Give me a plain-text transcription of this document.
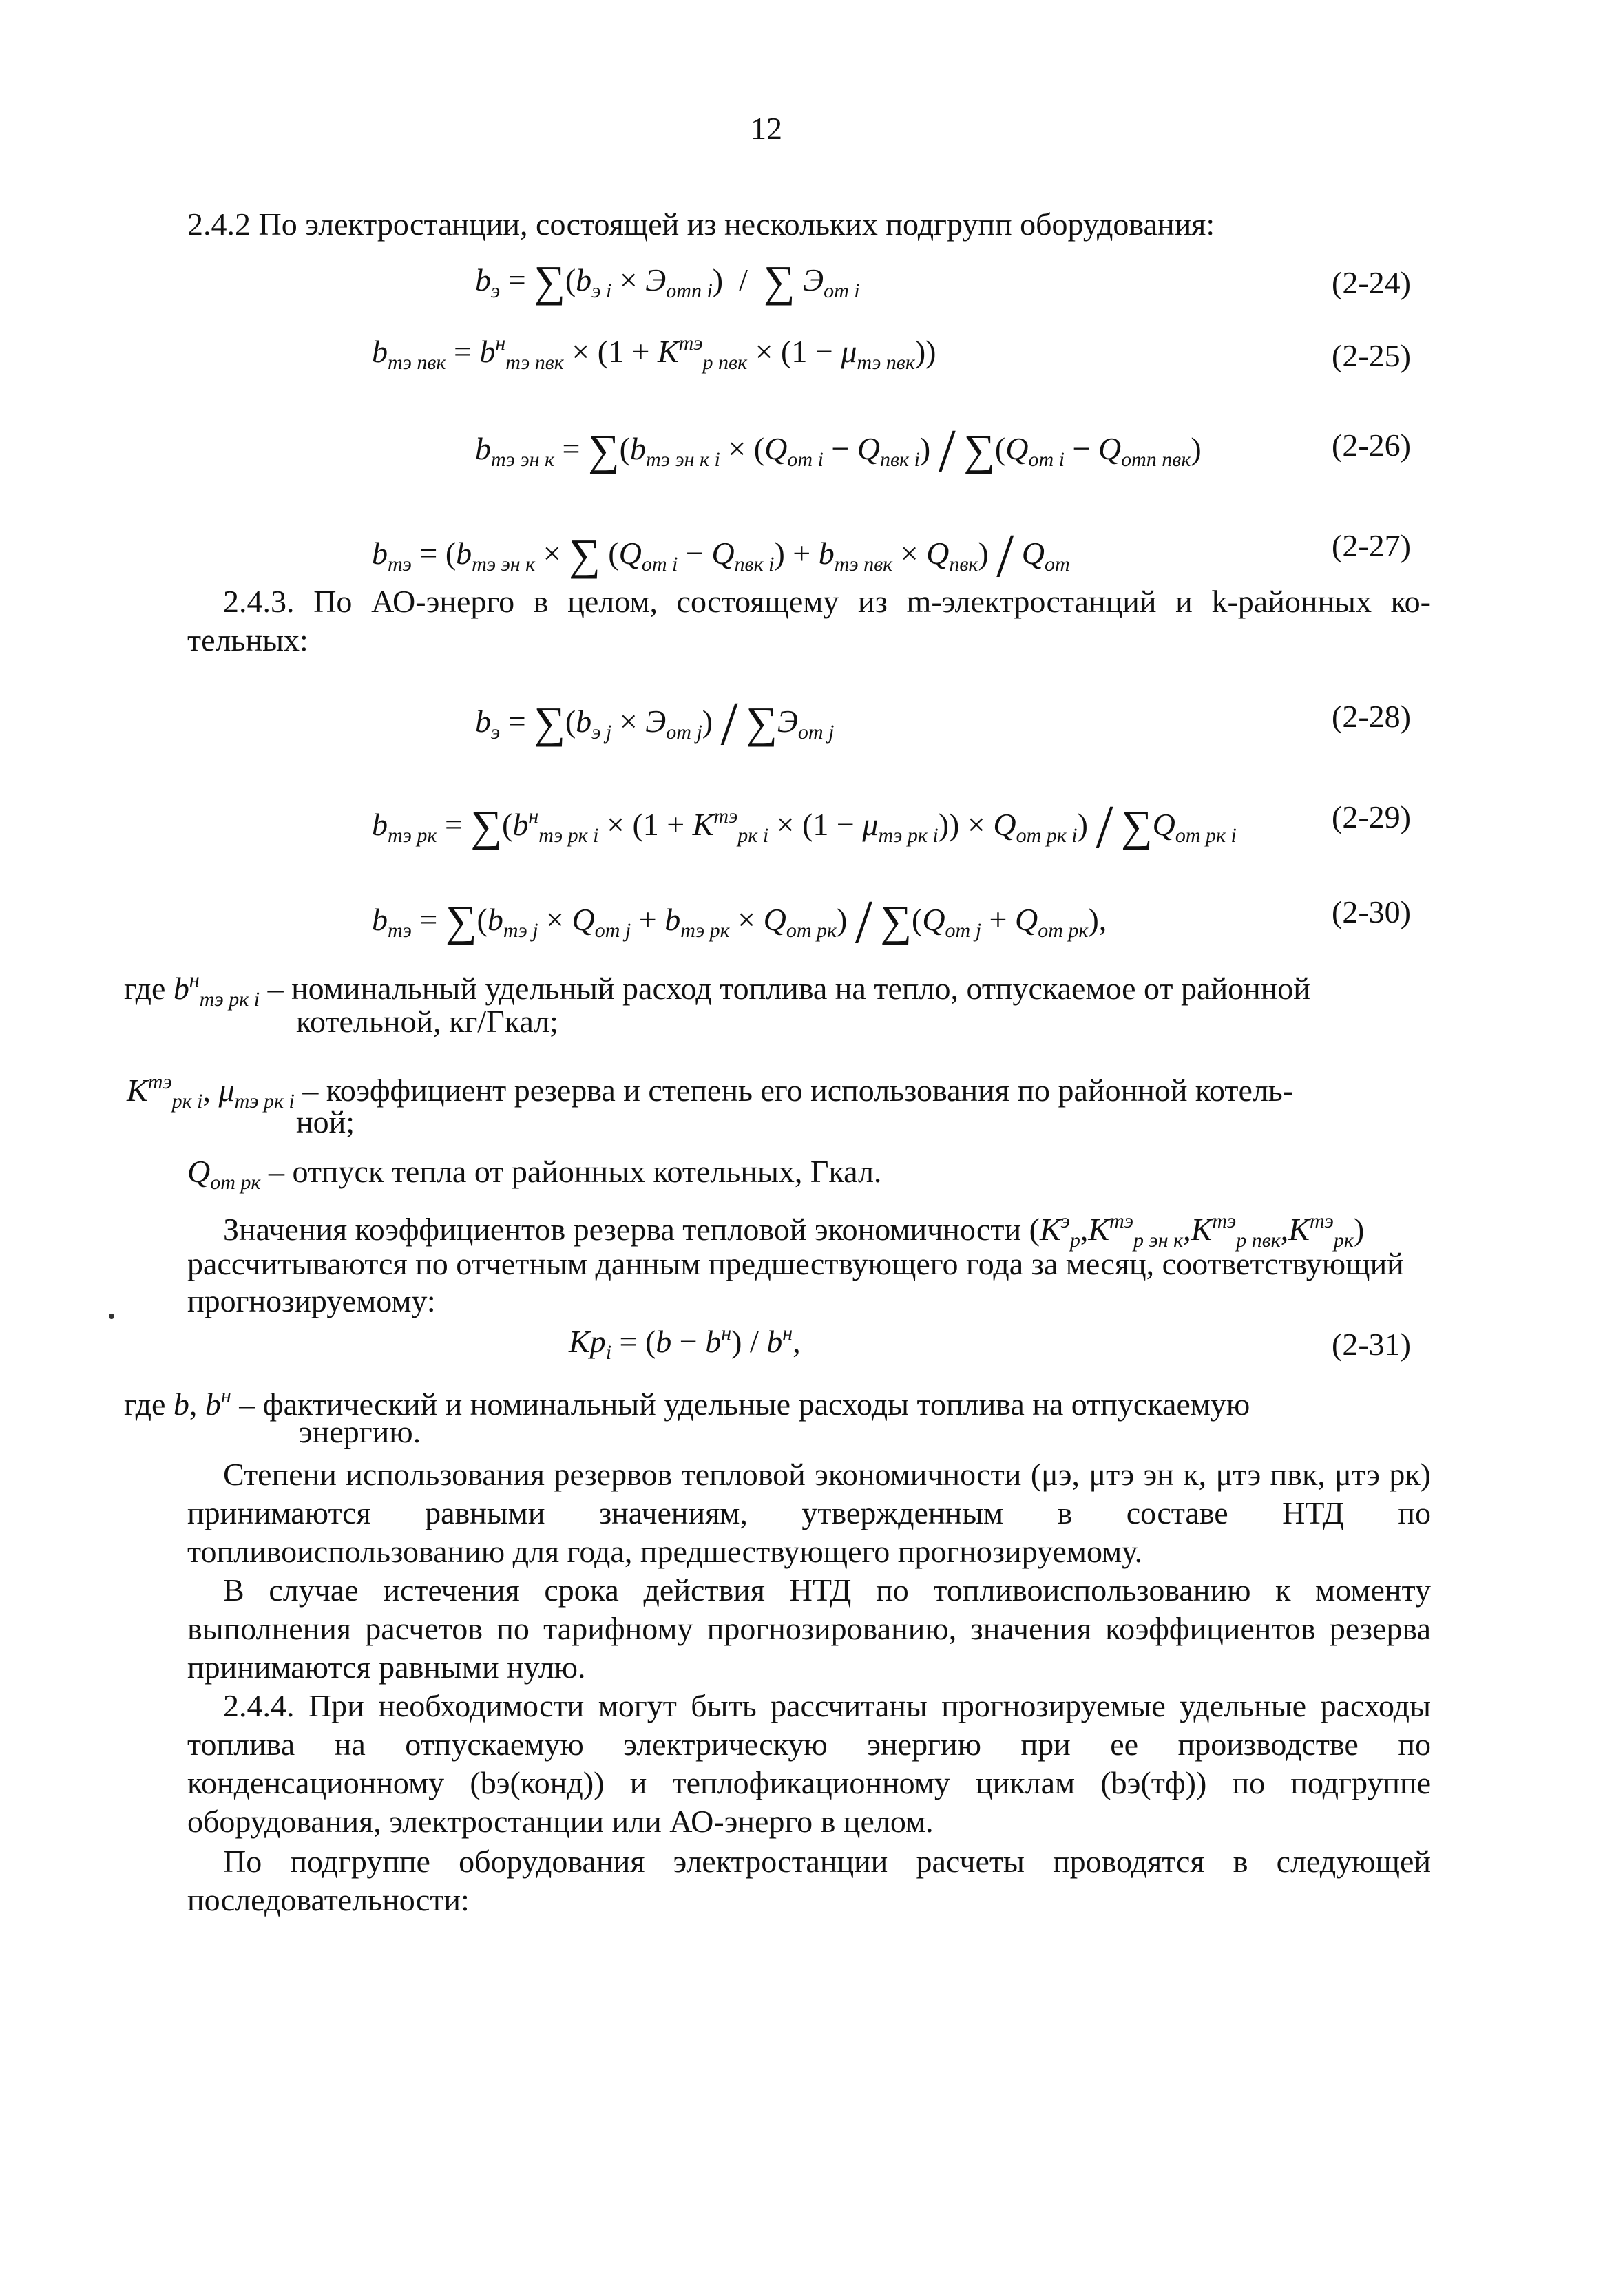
12
2.4.2 По электростанции, состоящей из нескольких подгрупп оборудования:
$b_э = \sum(b_{э i} \times Э_{отп i})$ / ∑ $Э_{от i}$	(2-24)
$b_{тэ пвк} = b^н_{тэ пвк} \times (1 + K^{тэ}_{р пвк} \times (1 - \mu_{тэ пвк}))$	(2-25)
$b_{тэ эн к} = \sum(b_{тэ эн к i} \times (Q_{от i} - Q_{пвк i}) / \sum(Q_{от i} - Q_{отп пвк})$	(2-26)
$b_{тэ} = (b_{тэ эн к}$ × ∑ $(Q_{от i} - Q_{пвк i}) + b_{тэ пвк} \times Q_{пвк}) / Q_{от}$
(2-27)
2.4.3. По АО-энерго в целом, состоящему из m-электростанций и k-районных ко-
тельных:
$b_э = \sum(b_{э j} \times Э_{от j}) / \sum Э_{от j}$	(2-28)
$b_{тэ рк} = \sum(b^н_{тэ рк i} \times (1 + K^{тэ}_{рк i} \times (1 - \mu_{тэ рк i})) \times Q_{от рк i}) / \sum Q_{от рк i}$
(2-29)
$b_{тэ} = \sum(b_{тэ j} \times Q_{от j} + b_{тэ рк} \times Q_{от рк}) / \sum(Q_{от j} + Q_{от рк})$,	(2-30)
где $b^н_{тэ рк i}$ – номинальный удельный расход топлива на тепло, отпускаемое от районной
котельной, кг/Гкал;
$K^{тэ}_{рк i}$, $\mu_{тэ рк i}$ – коэффициент резерва и степень его использования по районной котель-
ной;
$Q_{от рк}$ – отпуск тепла от районных котельных, Гкал.
Значения коэффициентов резерва тепловой экономичности $(K^э_р,K^{тэ}_{р эн к},K^{тэ}_{р пвк},K^{тэ}_{рк})$
рассчитываются по отчетным данным предшествующего года за месяц, соответствующий
прогнозируемому:
$Kp_i = (b - b^н) / b^н$,	(2-31)
где b, $b^н$ – фактический и номинальный удельные расходы топлива на отпускаемую
энергию.
Степени использования резервов тепловой экономичности (μэ, μтэ эн к, μтэ пвк, μтэ рк) принимаются равными значениям, утвержденным в составе НТД по топливоиспользованию для года, предшествующего прогнозируемому.
В случае истечения срока действия НТД по топливоиспользованию к моменту выполнения расчетов по тарифному прогнозированию, значения коэффициентов резерва принимаются равными нулю.
2.4.4. При необходимости могут быть рассчитаны прогнозируемые удельные расходы топлива на отпускаемую электрическую энергию при ее производстве по конденсационному (bэ(конд)) и теплофикационному циклам (bэ(тф)) по подгруппе оборудования, электростанции или АО-энерго в целом.
По подгруппе оборудования электростанции расчеты проводятся в следующей последовательности:
